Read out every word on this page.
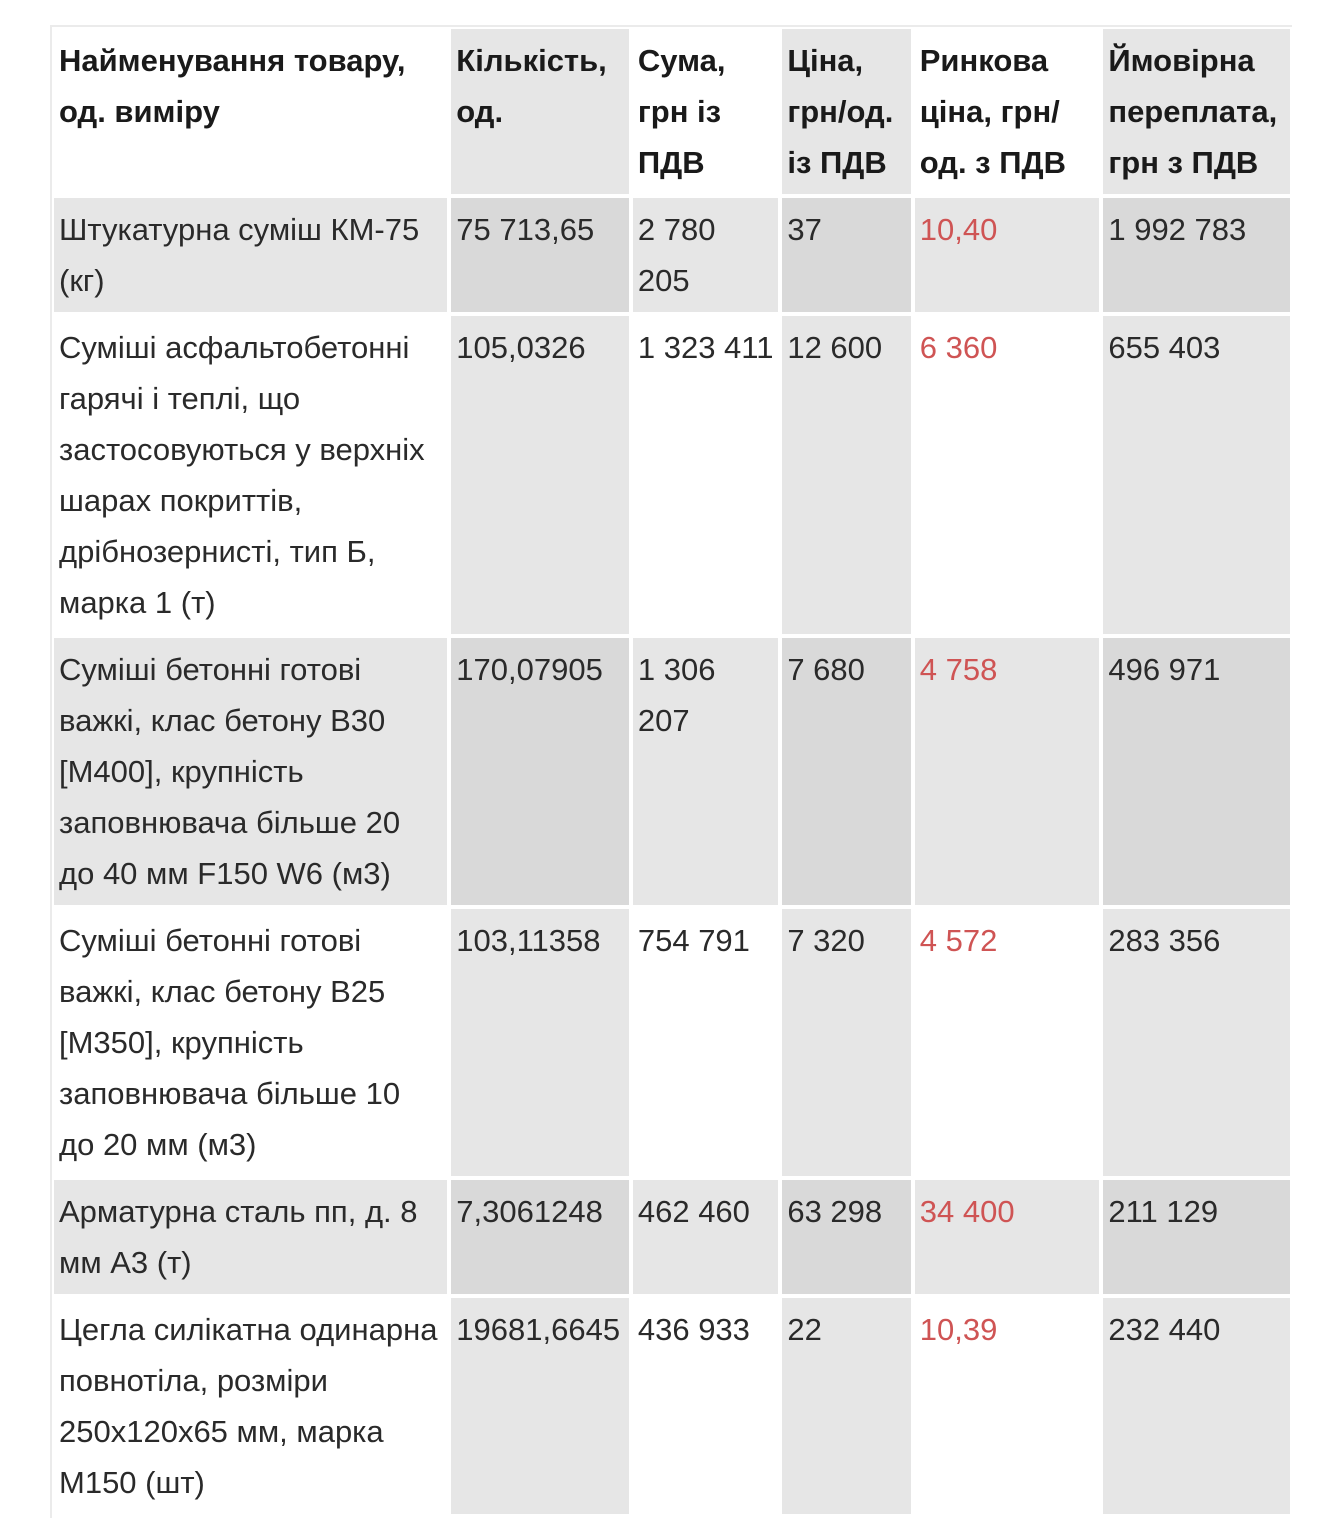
Найменування товару, од. виміру	Кількість, од.	Сума, грн із ПДВ	Ціна, грн/од. із ПДВ	Ринкова ціна, грн/ од. з ПДВ	Ймовірна переплата, грн з ПДВ
Штукатурна суміш КМ-75 (кг)	75 713,65	2 780 205	37	10,40	1 992 783
Суміші асфальтобетонні гарячі і теплі, що застосовуються у верхніх шарах покриттів, дрібнозернисті, тип Б, марка 1 (т)	105,0326	1 323 411	12 600	6 360	655 403
Суміші бетонні готові важкі, клас бетону В30 [М400], крупність заповнювача більше 20 до 40 мм F150 W6 (м3)	170,07905	1 306 207	7 680	4 758	496 971
Суміші бетонні готові важкі, клас бетону В25 [М350], крупність заповнювача більше 10 до 20 мм (м3)	103,11358	754 791	7 320	4 572	283 356
Арматурна сталь пп, д. 8 мм А3 (т)	7,3061248	462 460	63 298	34 400	211 129
Цегла силікатна одинарна повнотіла, розміри 250х120х65 мм, марка М150 (шт)	19681,6645	436 933	22	10,39	232 440
